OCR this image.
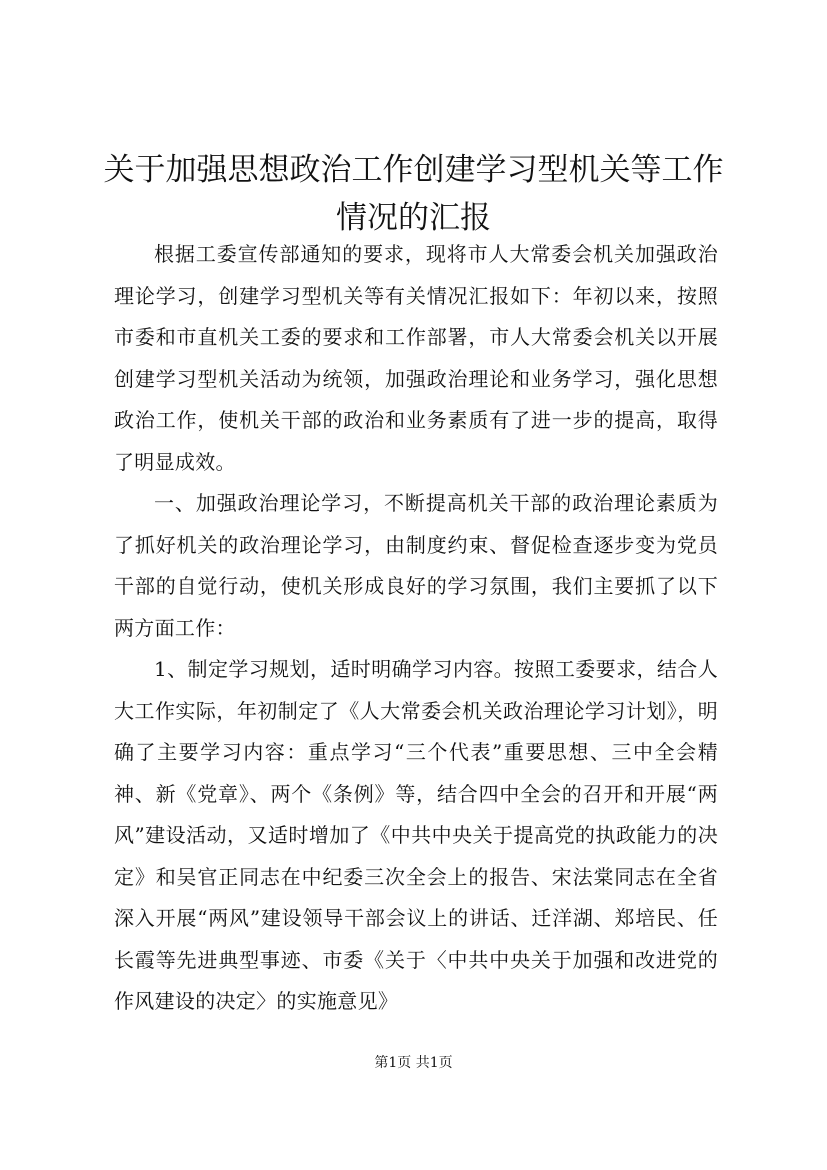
关于加强思想政治工作创建学习型机关等工作情况的汇报

根据工委宣传部通知的要求，现将市人大常委会机关加强政治理论学习，创建学习型机关等有关情况汇报如下：年初以来，按照市委和市直机关工委的要求和工作部署，市人大常委会机关以开展创建学习型机关活动为统领，加强政治理论和业务学习，强化思想政治工作，使机关干部的政治和业务素质有了进一步的提高，取得了明显成效。

一、加强政治理论学习，不断提高机关干部的政治理论素质为了抓好机关的政治理论学习，由制度约束、督促检查逐步变为党员干部的自觉行动，使机关形成良好的学习氛围，我们主要抓了以下两方面工作：

1、制定学习规划，适时明确学习内容。按照工委要求，结合人大工作实际，年初制定了《人大常委会机关政治理论学习计划》，明确了主要学习内容：重点学习“三个代表”重要思想、三中全会精神、新《党章》、两个《条例》等，结合四中全会的召开和开展“两风”建设活动，又适时增加了《中共中央关于提高党的执政能力的决定》和吴官正同志在中纪委三次全会上的报告、宋法棠同志在全省深入开展“两风”建设领导干部会议上的讲话、迁洋湖、郑培民、任长霞等先进典型事迹、市委《关于〈中共中央关于加强和改进党的作风建设的决定〉的实施意见》

第1页 共1页
